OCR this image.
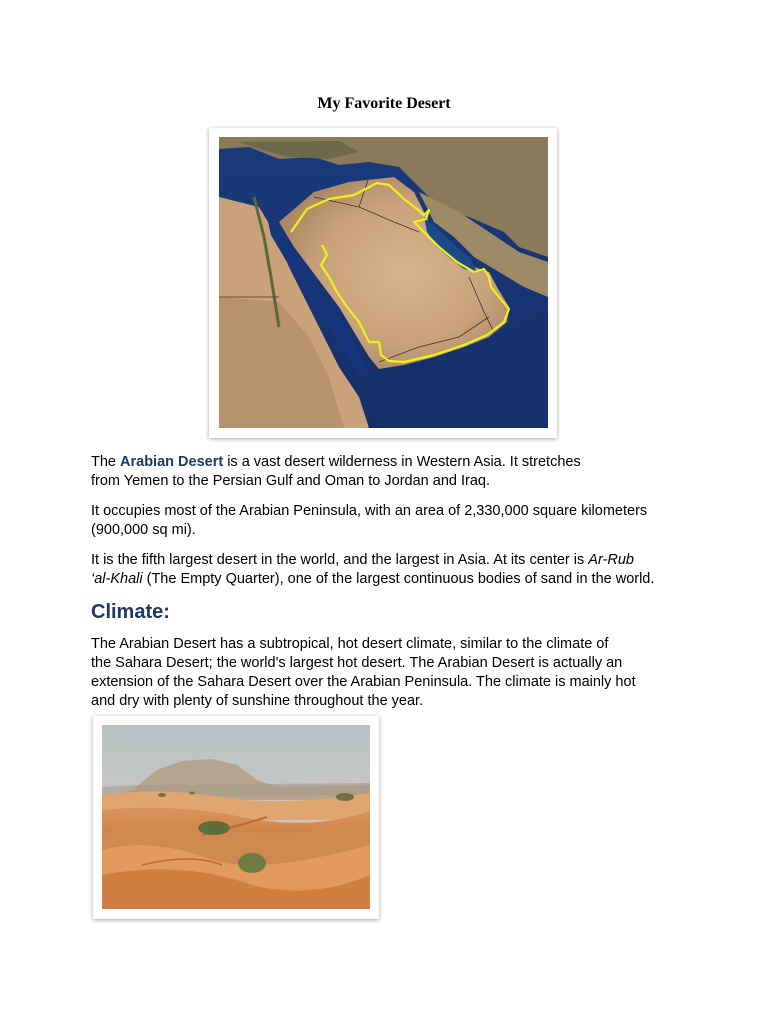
My Favorite Desert

The Arabian Desert is a vast desert wilderness in Western Asia. It stretches
from Yemen to the Persian Gulf and Oman to Jordan and Iraq.

It occupies most of the Arabian Peninsula, with an area of 2,330,000 square kilometers
(900,000 sq mi).

It is the fifth largest desert in the world, and the largest in Asia. At its center is Ar-Rub
‘al-Khali (The Empty Quarter), one of the largest continuous bodies of sand in the world.

Climate:

The Arabian Desert has a subtropical, hot desert climate, similar to the climate of
the Sahara Desert; the world's largest hot desert. The Arabian Desert is actually an
extension of the Sahara Desert over the Arabian Peninsula. The climate is mainly hot
and dry with plenty of sunshine throughout the year.
